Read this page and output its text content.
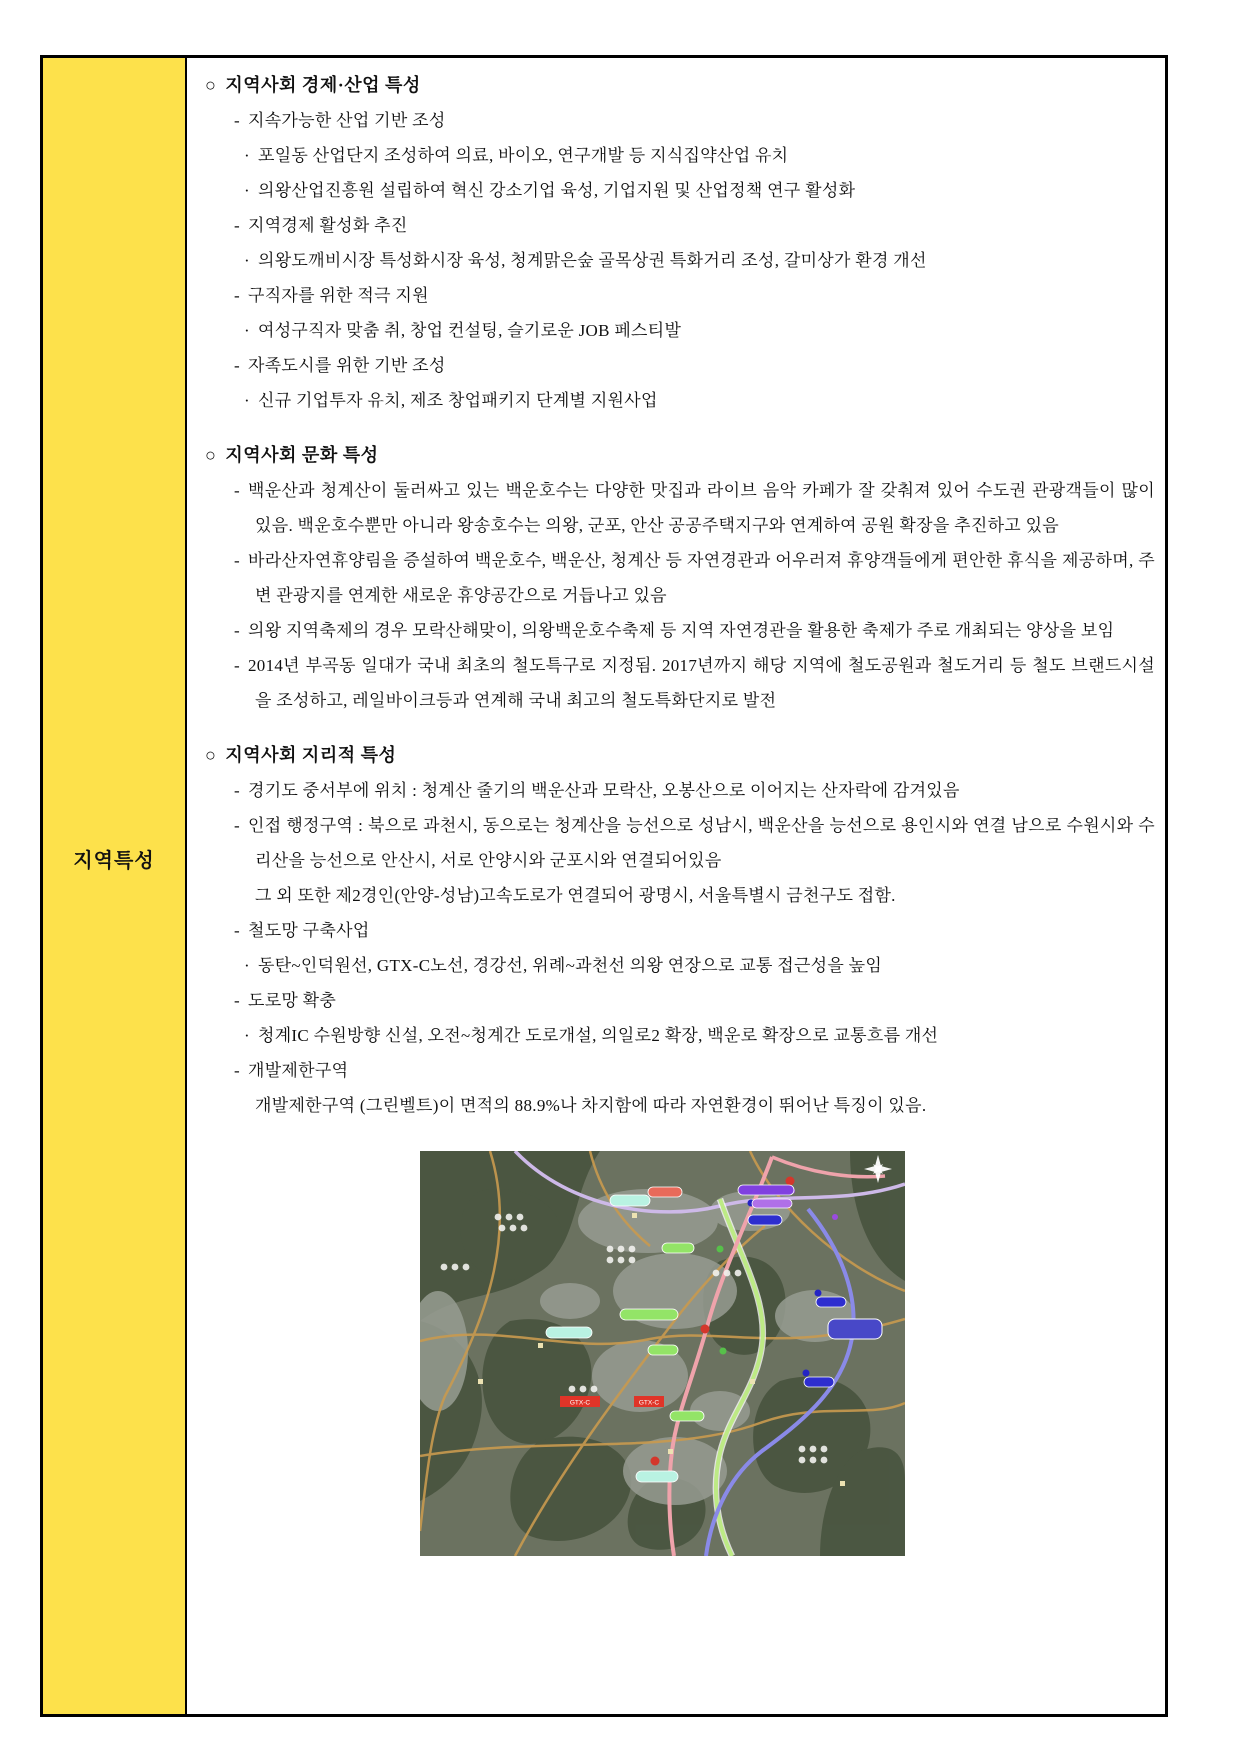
지역특성
○ 지역사회 경제·산업 특성
- 지속가능한 산업 기반 조성
· 포일동 산업단지 조성하여 의료, 바이오, 연구개발 등 지식집약산업 유치
· 의왕산업진흥원 설립하여 혁신 강소기업 육성, 기업지원 및 산업정책 연구 활성화
- 지역경제 활성화 추진
· 의왕도깨비시장 특성화시장 육성, 청계맑은숲 골목상권 특화거리 조성, 갈미상가 환경 개선
- 구직자를 위한 적극 지원
· 여성구직자 맞춤 취, 창업 컨설팅, 슬기로운 JOB 페스티발
- 자족도시를 위한 기반 조성
· 신규 기업투자 유치, 제조 창업패키지 단계별 지원사업
○ 지역사회 문화 특성
- 백운산과 청계산이 둘러싸고 있는 백운호수는 다양한 맛집과 라이브 음악 카페가 잘 갖춰져 있어 수도권 관광객들이 많이 있음. 백운호수뿐만 아니라 왕송호수는 의왕, 군포, 안산 공공주택지구와 연계하여 공원 확장을 추진하고 있음
- 바라산자연휴양림을 증설하여 백운호수, 백운산, 청계산 등 자연경관과 어우러져 휴양객들에게 편안한 휴식을 제공하며, 주변 관광지를 연계한 새로운 휴양공간으로 거듭나고 있음
- 의왕 지역축제의 경우 모락산해맞이, 의왕백운호수축제 등 지역 자연경관을 활용한 축제가 주로 개최되는 양상을 보임
- 2014년 부곡동 일대가 국내 최초의 철도특구로 지정됨. 2017년까지 해당 지역에 철도공원과 철도거리 등 철도 브랜드시설을 조성하고, 레일바이크등과 연계해 국내 최고의 철도특화단지로 발전
○ 지역사회 지리적 특성
- 경기도 중서부에 위치 : 청계산 줄기의 백운산과 모락산, 오봉산으로 이어지는 산자락에 감겨있음
- 인접 행정구역 : 북으로 과천시, 동으로는 청계산을 능선으로 성남시, 백운산을 능선으로 용인시와 연결 남으로 수원시와 수리산을 능선으로 안산시, 서로 안양시와 군포시와 연결되어있음
그 외 또한 제2경인(안양-성남)고속도로가 연결되어 광명시, 서울특별시 금천구도 접함.
- 철도망 구축사업
· 동탄~인덕원선, GTX-C노선, 경강선, 위례~과천선 의왕 연장으로 교통 접근성을 높임
- 도로망 확충
· 청계IC 수원방향 신설, 오전~청계간 도로개설, 의일로2 확장, 백운로 확장으로 교통흐름 개선
- 개발제한구역
개발제한구역 (그린벨트)이 면적의 88.9%나 차지함에 따라 자연환경이 뛰어난 특징이 있음.
GTX-C	GTX-C
